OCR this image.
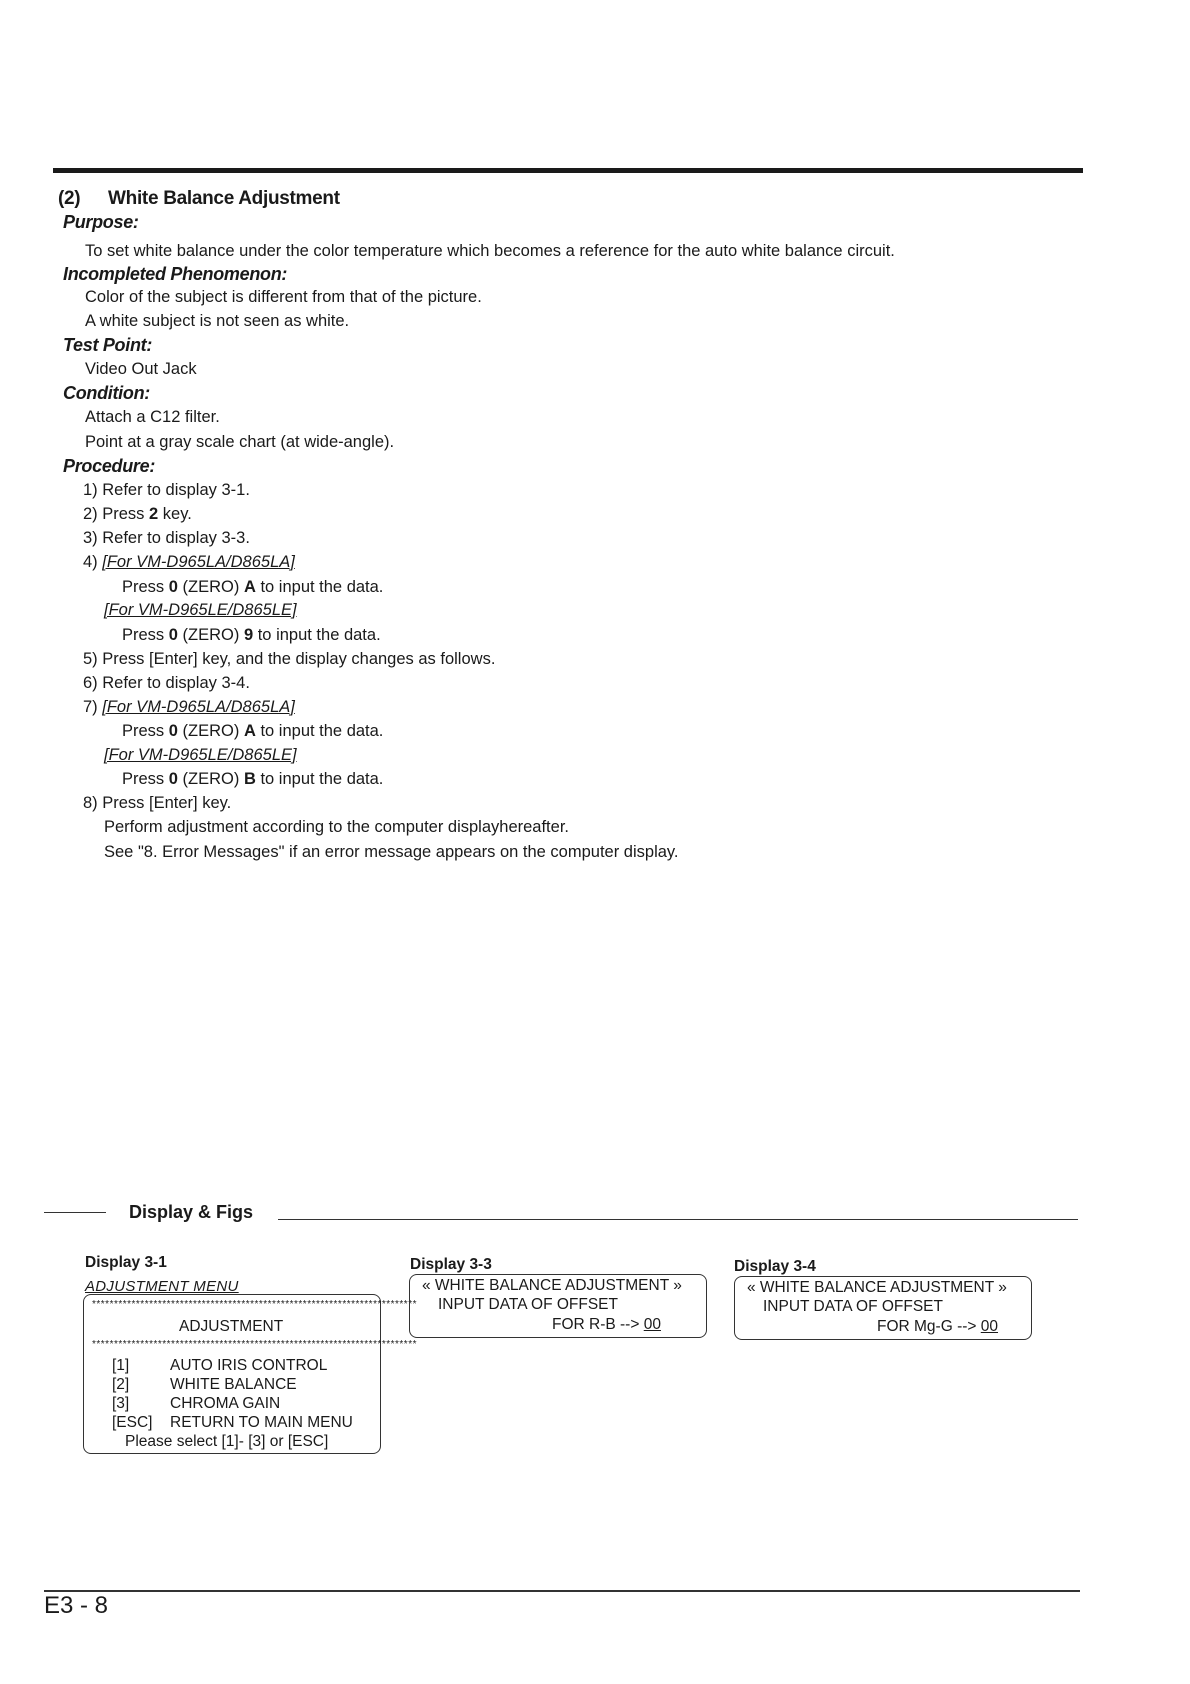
(2) White Balance Adjustment
Purpose:
To set white balance under the color temperature which becomes a reference for the auto white balance circuit.
Incompleted Phenomenon:
Color of the subject is different from that of the picture.
A white subject is not seen as white.
Test Point:
Video Out Jack
Condition:
Attach a C12 filter.
Point at a gray scale chart (at wide-angle).
Procedure:
1) Refer to display 3-1.
2) Press 2 key.
3) Refer to display 3-3.
4) [For VM-D965LA/D865LA]
Press 0 (ZERO) A to input the data.
[For VM-D965LE/D865LE]
Press 0 (ZERO) 9 to input the data.
5) Press [Enter] key, and the display changes as follows.
6) Refer to display 3-4.
7) [For VM-D965LA/D865LA]
Press 0 (ZERO) A to input the data.
[For VM-D965LE/D865LE]
Press 0 (ZERO) B to input the data.
8) Press [Enter] key.
Perform adjustment according to the computer displayhereafter.
See "8. Error Messages" if an error message appears on the computer display.
Display & Figs
Display 3-1
ADJUSTMENT MENU
**************************************************************************
ADJUSTMENT
**************************************************************************
[1]	AUTO IRIS CONTROL
[2]	WHITE BALANCE
[3]	CHROMA GAIN
[ESC] RETURN TO MAIN MENU
Please select [1]- [3] or [ESC]
Display 3-3
« WHITE BALANCE ADJUSTMENT »
INPUT DATA OF OFFSET
FOR R-B --> 00
Display 3-4
« WHITE BALANCE ADJUSTMENT »
INPUT DATA OF OFFSET
FOR Mg-G --> 00
E3 - 8
